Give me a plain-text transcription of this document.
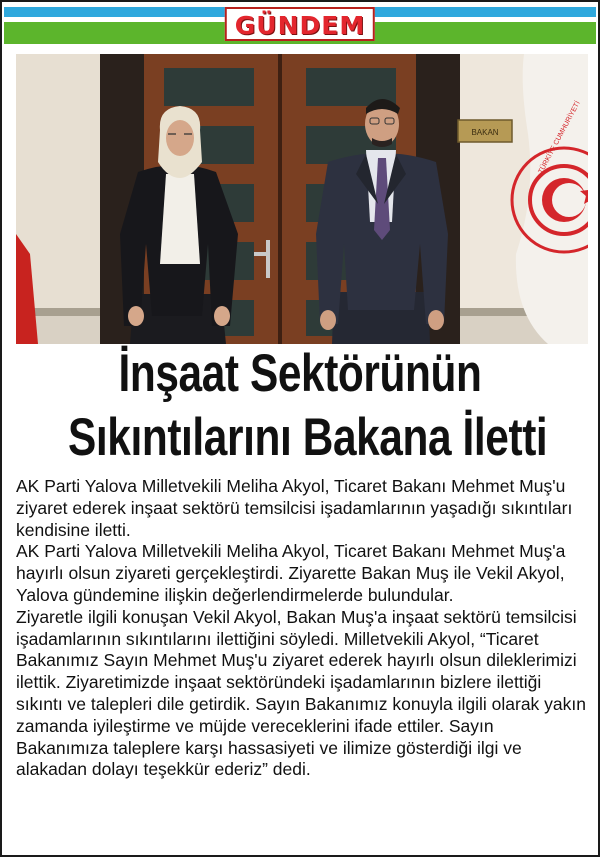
GÜNDEM
BAKAN	TÜRKİYE CUMHURİYETİ
İnşaat Sektörünün
Sıkıntılarını Bakana İletti

AK Parti Yalova Milletvekili Meliha Akyol, Ticaret Bakanı Mehmet Muş'u ziyaret ederek inşaat sektörü temsilcisi işadamlarının yaşadığı sıkıntıları kendisine iletti.

AK Parti Yalova Milletvekili Meliha Akyol, Ticaret Bakanı Mehmet Muş'a hayırlı olsun ziyareti gerçekleştirdi. Ziyarette Bakan Muş ile Vekil Akyol, Yalova gündemine ilişkin değerlendirmelerde bulundular.

Ziyaretle ilgili konuşan Vekil Akyol, Bakan Muş'a inşaat sektörü temsilcisi işadamlarının sıkıntılarını ilettiğini söyledi. Milletvekili Akyol, “Ticaret Bakanımız Sayın Mehmet Muş'u ziyaret ederek hayırlı olsun dileklerimizi ilettik. Ziyaretimizde inşaat sektöründeki işadamlarının bizlere ilettiği sıkıntı ve talepleri dile getirdik. Sayın Bakanımız konuyla ilgili olarak yakın zamanda iyileştirme ve müjde vereceklerini ifade ettiler. Sayın Bakanımıza taleplere karşı hassasiyeti ve ilimize gösterdiği ilgi ve alakadan dolayı teşekkür ederiz” dedi.
